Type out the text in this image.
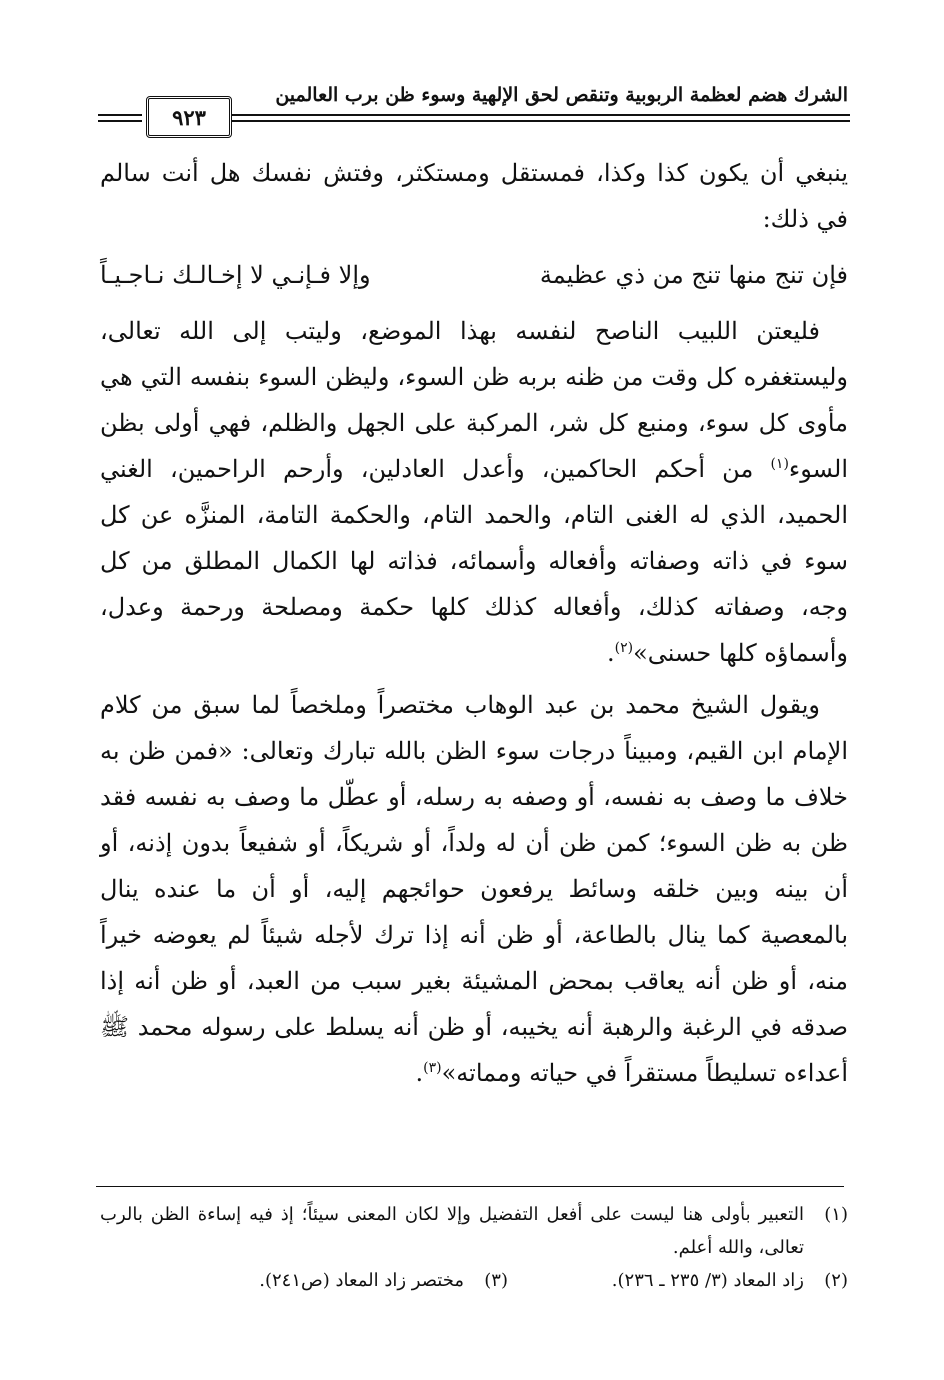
الشرك هضم لعظمة الربوبية وتنقص لحق الإلهية وسوء ظن برب العالمين
٩٢٣

ينبغي أن يكون كذا وكذا، فمستقل ومستكثر، وفتش نفسك هل أنت سالم في ذلك:

فإن تنج منها تنج من ذي عظيمة
وإلا فـإنـي لا إخـالـك نـاجـيـاً

فليعتن اللبيب الناصح لنفسه بهذا الموضع، وليتب إلى الله تعالى، وليستغفره كل وقت من ظنه بربه ظن السوء، وليظن السوء بنفسه التي هي مأوى كل سوء، ومنبع كل شر، المركبة على الجهل والظلم، فهي أولى بظن السوء$^{(١)}$ من أحكم الحاكمين، وأعدل العادلين، وأرحم الراحمين، الغني الحميد، الذي له الغنى التام، والحمد التام، والحكمة التامة، المنزَّه عن كل سوء في ذاته وصفاته وأفعاله وأسمائه، فذاته لها الكمال المطلق من كل وجه، وصفاته كذلك، وأفعاله كذلك كلها حكمة ومصلحة ورحمة وعدل، وأسماؤه كلها حسنى»$^{(٢)}$.

ويقول الشيخ محمد بن عبد الوهاب مختصراً وملخصاً لما سبق من كلام الإمام ابن القيم، ومبيناً درجات سوء الظن بالله تبارك وتعالى: «فمن ظن به خلاف ما وصف به نفسه، أو وصفه به رسله، أو عطّل ما وصف به نفسه فقد ظن به ظن السوء؛ كمن ظن أن له ولداً، أو شريكاً، أو شفيعاً بدون إذنه، أو أن بينه وبين خلقه وسائط يرفعون حوائجهم إليه، أو أن ما عنده ينال بالمعصية كما ينال بالطاعة، أو ظن أنه إذا ترك لأجله شيئاً لم يعوضه خيراً منه، أو ظن أنه يعاقب بمحض المشيئة بغير سبب من العبد، أو ظن أنه إذا صدقه في الرغبة والرهبة أنه يخيبه، أو ظن أنه يسلط على رسوله محمد ﷺ أعداءه تسليطاً مستقراً في حياته ومماته»$^{(٣)}$.

(١)
التعبير بأولى هنا ليست على أفعل التفضيل وإلا لكان المعنى سيئاً؛ إذ فيه إساءة الظن بالرب تعالى، والله أعلم.
(٢)
زاد المعاد (٣/ ٢٣٥ ـ ٢٣٦).
(٣)
مختصر زاد المعاد (ص٢٤١).
